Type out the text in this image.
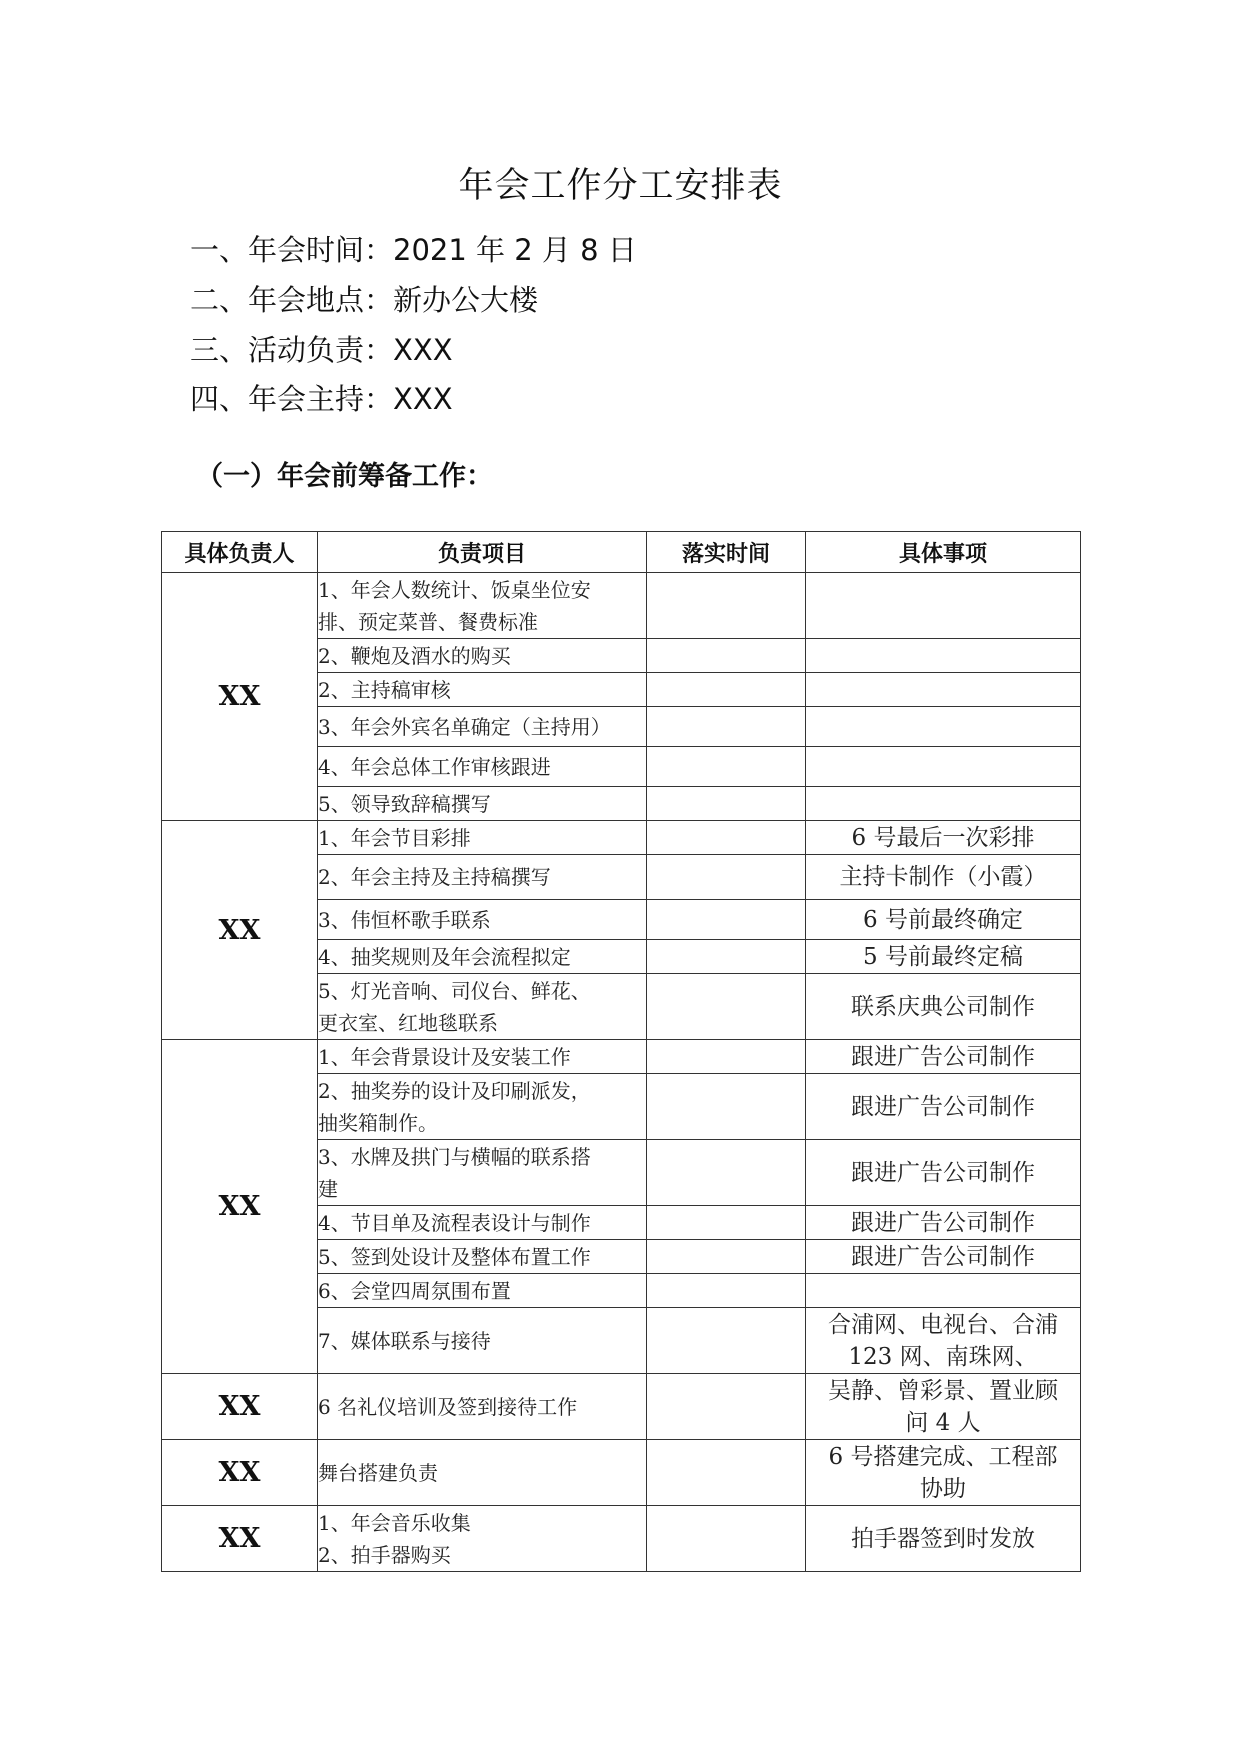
年会工作分工安排表
一、年会时间：2021 年 2 月 8 日
二、年会地点：新办公大楼
三、活动负责：XXX
四、年会主持：XXX
（一）年会前筹备工作：
具体负责人	负责项目	落实时间	具体事项
XX	1、年会人数统计、饭桌坐位安
排、预定菜普、餐费标准		

	2、鞭炮及酒水的购买		

	2、主持稿审核		

	3、年会外宾名单确定（主持用）		

	4、年会总体工作审核跟进		

	5、领导致辞稿撰写		

XX	1、年会节目彩排		6 号最后一次彩排

	2、年会主持及主持稿撰写		主持卡制作（小霞）

	3、伟恒杯歌手联系		6 号前最终确定

	4、抽奖规则及年会流程拟定		5 号前最终定稿

	5、灯光音响、司仪台、鲜花、
更衣室、红地毯联系		联系庆典公司制作

XX	1、年会背景设计及安装工作		跟进广告公司制作

	2、抽奖券的设计及印刷派发，
抽奖箱制作。		跟进广告公司制作

	3、水牌及拱门与横幅的联系搭
建		跟进广告公司制作

	4、节目单及流程表设计与制作		跟进广告公司制作

	5、签到处设计及整体布置工作		跟进广告公司制作

	6、会堂四周氛围布置		

	7、媒体联系与接待		合浦网、电视台、合浦
123 网、南珠网、

XX	6 名礼仪培训及签到接待工作		吴静、曾彩景、置业顾
问 4 人

XX	舞台搭建负责		6 号搭建完成、工程部
协助

XX	1、年会音乐收集
2、拍手器购买		拍手器签到时发放
